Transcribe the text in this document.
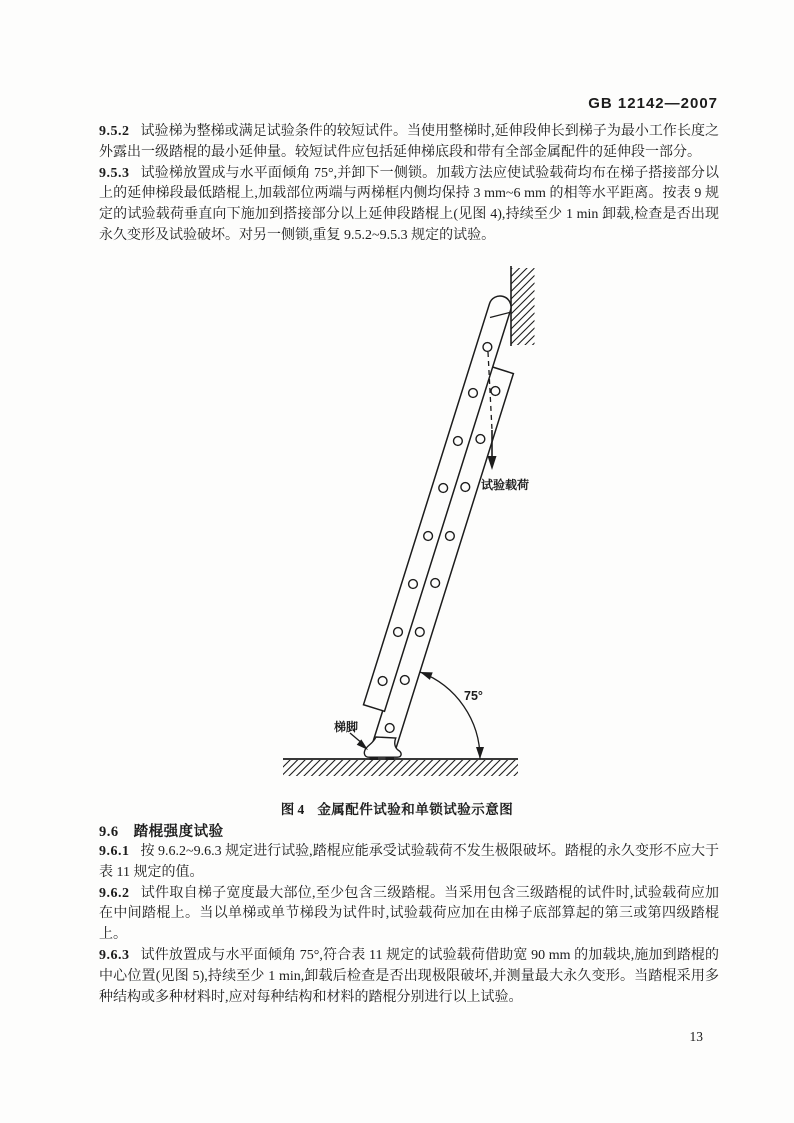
GB 12142—2007

9.5.2 试验梯为整梯或满足试验条件的较短试件。当使用整梯时,延伸段伸长到梯子为最小工作长度之外露出一级踏棍的最小延伸量。较短试件应包括延伸梯底段和带有全部金属配件的延伸段一部分。

9.5.3 试验梯放置成与水平面倾角 75°,并卸下一侧锁。加载方法应使试验载荷均布在梯子搭接部分以上的延伸梯段最低踏棍上,加载部位两端与两梯框内侧均保持 3 mm~6 mm 的相等水平距离。按表 9 规定的试验载荷垂直向下施加到搭接部分以上延伸段踏棍上(见图 4),持续至少 1 min 卸载,检查是否出现永久变形及试验破坏。对另一侧锁,重复 9.5.2~9.5.3 规定的试验。

试验载荷
75°
梯脚
图 4 金属配件试验和单锁试验示意图
9.6 踏棍强度试验

9.6.1 按 9.6.2~9.6.3 规定进行试验,踏棍应能承受试验载荷不发生极限破坏。踏棍的永久变形不应大于表 11 规定的值。

9.6.2 试件取自梯子宽度最大部位,至少包含三级踏棍。当采用包含三级踏棍的试件时,试验载荷应加在中间踏棍上。当以单梯或单节梯段为试件时,试验载荷应加在由梯子底部算起的第三或第四级踏棍上。

9.6.3 试件放置成与水平面倾角 75°,符合表 11 规定的试验载荷借助宽 90 mm 的加载块,施加到踏棍的中心位置(见图 5),持续至少 1 min,卸载后检查是否出现极限破坏,并测量最大永久变形。当踏棍采用多种结构或多种材料时,应对每种结构和材料的踏棍分别进行以上试验。

13
